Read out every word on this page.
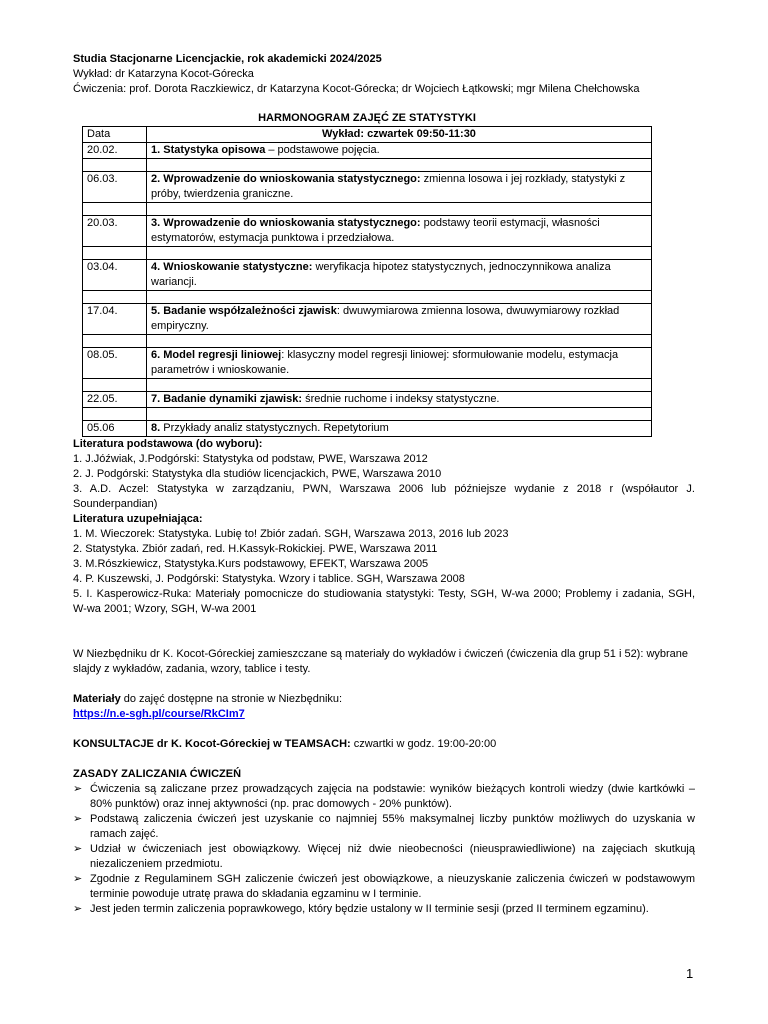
Studia Stacjonarne Licencjackie, rok akademicki 2024/2025

Wykład: dr Katarzyna Kocot-Górecka

Ćwiczenia: prof. Dorota Raczkiewicz, dr Katarzyna Kocot-Górecka; dr Wojciech Łątkowski; mgr Milena Chełchowska

HARMONOGRAM ZAJĘĆ ZE STATYSTYKI

Data	Wykład: czwartek 09:50-11:30
20.02.	1. Statystyka opisowa – podstawowe pojęcia.

06.03.	2. Wprowadzenie do wnioskowania statystycznego: zmienna losowa i jej rozkłady, statystyki z próby, twierdzenia graniczne.

20.03.	3. Wprowadzenie do wnioskowania statystycznego: podstawy teorii estymacji, własności estymatorów, estymacja punktowa i przedziałowa.

03.04.	4. Wnioskowanie statystyczne: weryfikacja hipotez statystycznych, jednoczynnikowa analiza wariancji.

17.04.	5. Badanie współzależności zjawisk: dwuwymiarowa zmienna losowa, dwuwymiarowy rozkład empiryczny.

08.05.	6. Model regresji liniowej: klasyczny model regresji liniowej: sformułowanie modelu, estymacja parametrów i wnioskowanie.

22.05.	7. Badanie dynamiki zjawisk: średnie ruchome i indeksy statystyczne.

05.06	8. Przykłady analiz statystycznych. Repetytorium

Literatura podstawowa (do wyboru):

1. J.Jóźwiak, J.Podgórski: Statystyka od podstaw, PWE, Warszawa 2012

2. J. Podgórski: Statystyka dla studiów licencjackich, PWE, Warszawa 2010

3. A.D. Aczel: Statystyka w zarządzaniu, PWN, Warszawa 2006 lub późniejsze wydanie z 2018 r (współautor J. Sounderpandian)

Literatura uzupełniająca:

1. M. Wieczorek: Statystyka. Lubię to! Zbiór zadań. SGH, Warszawa 2013, 2016 lub 2023

2. Statystyka. Zbiór zadań, red. H.Kassyk-Rokickiej. PWE, Warszawa 2011

3. M.Rószkiewicz, Statystyka.Kurs podstawowy, EFEKT, Warszawa 2005

4. P. Kuszewski, J. Podgórski: Statystyka. Wzory i tablice. SGH, Warszawa 2008

5. I. Kasperowicz-Ruka: Materiały pomocnicze do studiowania statystyki: Testy, SGH, W-wa 2000; Problemy i zadania, SGH, W-wa 2001; Wzory, SGH, W-wa 2001

W Niezbędniku dr K. Kocot-Góreckiej zamieszczane są materiały do wykładów i ćwiczeń (ćwiczenia dla grup 51 i 52): wybrane slajdy z wykładów, zadania, wzory, tablice i testy.

Materiały do zajęć dostępne na stronie w Niezbędniku:

https://n.e-sgh.pl/course/RkCIm7

KONSULTACJE dr K. Kocot-Góreckiej w TEAMSACH: czwartki w godz. 19:00-20:00

ZASADY ZALICZANIA ĆWICZEŃ

➢ Ćwiczenia są zaliczane przez prowadzących zajęcia na podstawie: wyników bieżących kontroli wiedzy (dwie kartkówki – 80% punktów) oraz innej aktywności (np. prac domowych - 20% punktów).
➢ Podstawą zaliczenia ćwiczeń jest uzyskanie co najmniej 55% maksymalnej liczby punktów możliwych do uzyskania w ramach zajęć.
➢ Udział w ćwiczeniach jest obowiązkowy. Więcej niż dwie nieobecności (nieusprawiedliwione) na zajęciach skutkują niezaliczeniem przedmiotu.
➢ Zgodnie z Regulaminem SGH zaliczenie ćwiczeń jest obowiązkowe, a nieuzyskanie zaliczenia ćwiczeń w podstawowym terminie powoduje utratę prawa do składania egzaminu w I terminie.
➢ Jest jeden termin zaliczenia poprawkowego, który będzie ustalony w II terminie sesji (przed II terminem egzaminu).
1
